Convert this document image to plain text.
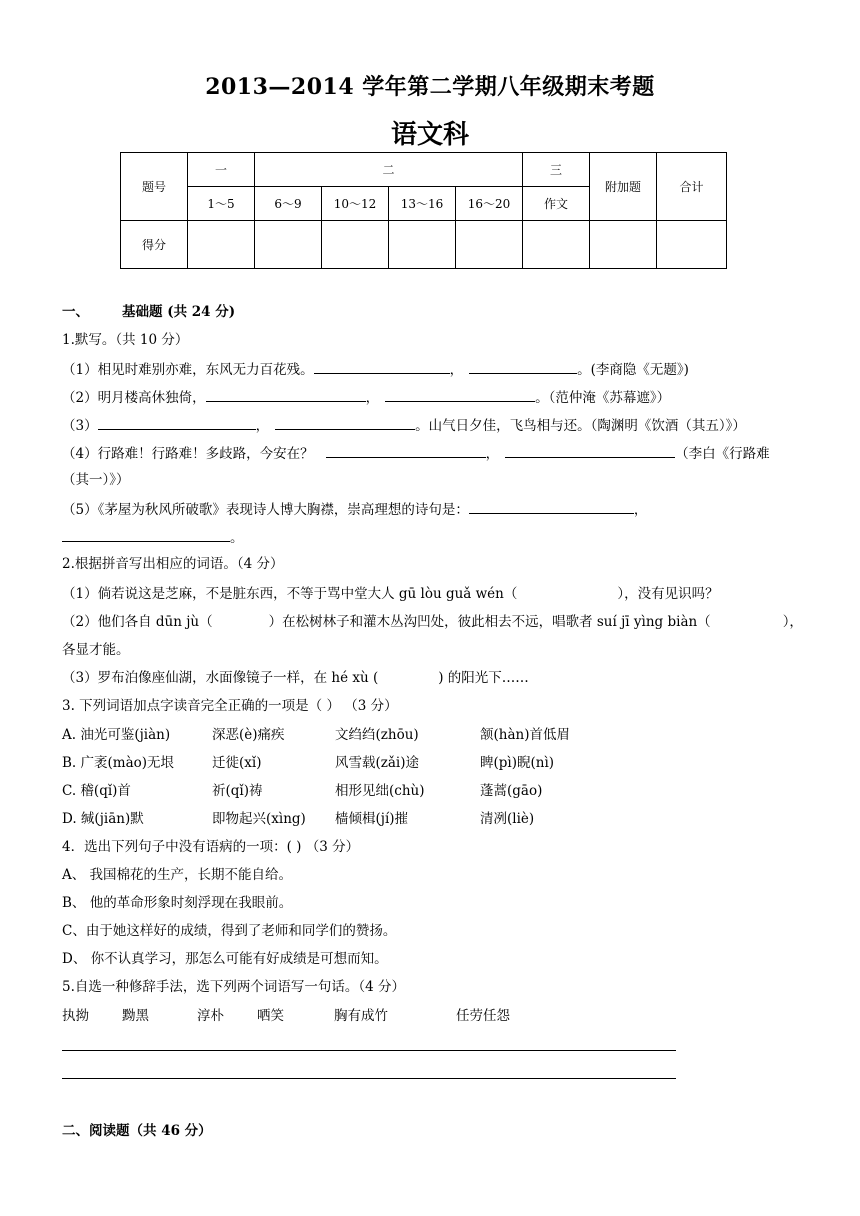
2013—2014 学年第二学期八年级期末考题
语文科
题号	一	二				三	附加题	合计
	1～5	6～9	10～12	13～16	16～20	作文		
得分								
一、 基础题 (共 24 分)
1.默写。（共 10 分）
（1）相见时难别亦难，东风无力百花残。	，	。(李商隐《无题》)
（2）明月楼高休独倚，	，	。（范仲淹《苏幕遮》）
（3）	，	。山气日夕佳，飞鸟相与还。（陶渊明《饮酒（其五）》）
（4）行路难！行路难！多歧路，今安在？	，	（李白《行路难
（其一）》）
（5）《茅屋为秋风所破歌》表现诗人博大胸襟，崇高理想的诗句是：	，
。
2.根据拼音写出相应的词语。（4 分）
（1）倘若说这是芝麻，不是脏东西，不等于骂中堂大人 gū lòu guǎ wén（	），没有见识吗？
（2）他们各自 dūn jù（	）在松树林子和灌木丛沟凹处，彼此相去不远，唱歌者 suí jī yìng biàn（	），
各显才能。
（3）罗布泊像座仙湖，水面像镜子一样，在 hé xù (	) 的阳光下……
3. 下列词语加点字读音完全正确的一项是（ ） （3 分）
A. 油光可鉴(jiàn)	深恶(è)痛疾	文绉绉(zhōu)	颔(hàn)首低眉
B. 广袤(mào)无垠	迁徙(xǐ)	风雪载(zǎi)途	睥(pì)睨(nì)
C. 稽(qǐ)首	祈(qǐ)祷	相形见绌(chù)	蓬蒿(gāo)
D. 缄(jiān)默	即物起兴(xìng) 樯倾楫(jí)摧	清冽(liè)
4．选出下列句子中没有语病的一项：( ) （3 分）
A、 我国棉花的生产，长期不能自给。
B、 他的革命形象时刻浮现在我眼前。
C、由于她这样好的成绩，得到了老师和同学们的赞扬。
D、 你不认真学习，那怎么可能有好成绩是可想而知。
5.自选一种修辞手法，选下列两个词语写一句话。（4 分）
执拗 黝黑	淳朴 哂笑	胸有成竹	任劳任怨
二、阅读题（共 46 分）
